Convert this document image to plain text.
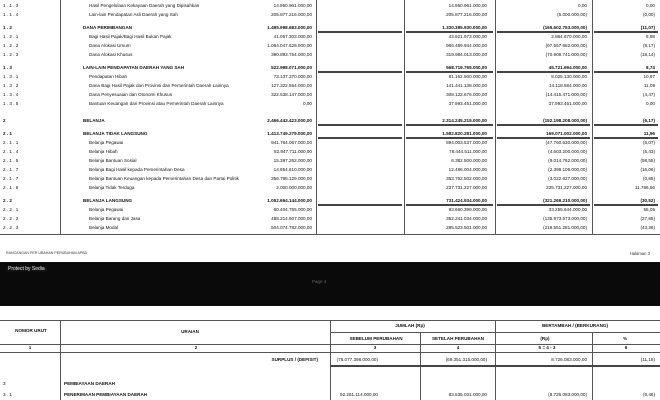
1 . 1 . 3	Hasil Pengelolaan Kekayaan Daerah yang Dipisahkan	14.950.961.000,00	14.950.961.000,00	0,00	0,00
1 . 1 . 4	Lain-lain Pendapatan Asli Daerah yang Sah	205.877.216.000,00	205.877.216.000,00	(5.000.000,00)	(0,00)
1 . 2	DANA PERIMBANGAN	1.495.998.683.000,00	1.330.395.930.000,00	(165.602.753.000,00)	(11,07)
1 . 2 . 1	Bagi Hasil Pajak/Bagi Hasil Bukan Pajak	41.057.303.000,00	43.921.973.000,00	2.864.670.000,00	6,98
1 . 2 . 2	Dana Alokasi Umum	1.064.047.626.000,00	966.489.944.000,00	(97.557.682.000,00)	(9,17)
1 . 2 . 3	Dana Alokasi Khusus	390.893.754.000,00	319.984.013.000,00	(70.909.741.000,00)	(18,14)
1 . 3	LAIN-LAIN PENDAPATAN DAERAH YANG SAH	522.998.071.000,00	568.719.765.000,00	45.721.694.000,00	8,74
1 . 3 . 1	Pendapatan Hibah	73.137.370.000,00	81.162.500.000,00	8.025.130.000,00	10,97
1 . 3 . 2	Dana Bagi Hasil Pajak dari Provinsi dan Pemerintah Daerah Lainnya	127.322.554.000,00	141.441.138.000,00	14.118.584.000,00	11,09
1 . 3 . 4	Dana Penyesuaian dan Otonomi Khusus	322.538.147.000,00	308.122.676.000,00	(14.415.471.000,00)	(4,47)
1 . 3 . 5	Bantuan Keuangan dari Provinsi atau Pemerintah Daerah Lainnya	0,00	37.993.451.000,00	37.993.451.000,00	0,00
2	BELANJA	2.466.443.423.000,00	2.314.245.215.000,00	(152.198.208.000,00)	(6,17)
2 . 1	BELANJA TIDAK LANGSUNG	1.413.749.279.000,00	1.582.820.281.000,00	169.071.002.000,00	11,96
2 . 1 . 1	Belanja Pegawai	941.764.067.000,00	894.003.537.000,00	(47.760.530.000,00)	(5,07)
2 . 1 . 4	Belanja Hibah	82.947.711.000,00	78.444.511.000,00	(4.503.200.000,00)	(5,43)
2 . 1 . 5	Belanja Bantuan Sosial	15.397.262.000,00	6.382.500.000,00	(9.014.762.000,00)	(58,55)
2 . 1 . 7	Belanja Bagi Hasil kepada Pemerintahan Desa	14.854.610.000,00	12.486.004.000,00	(2.398.106.000,00)	(16,06)
2 . 1 . 7	Belanja Bantuan Keuangan kepada Pemerintahan Desa dan Partai Politik	356.785.129.000,00	353.762.502.000,00	(3.022.627.000,00)	(0,85)
2 . 1 . 8	Belanja Tidak Terduga	2.000.000.000,00	237.731.227.000,00	235.731.227.000,00	11.786,56
2 . 2	BELANJA LANGSUNG	1.052.694.144.000,00	731.424.934.000,00	(321.269.210.000,00)	(30,52)
2 . 2 . 1	Belanja Pegawai	60.404.755.000,00	93.660.399.000,00	33.255.644.000,00	55,05
2 . 2 . 2	Belanja Barang dan Jasa	488.214.607.000,00	352.241.034.000,00	(135.973.573.000,00)	(27,85)
2 . 2 . 3	Belanja Modal	504.074.782.000,00	285.523.501.000,00	(218.551.281.000,00)	(43,36)
RANCANGAN PER UBAHAN PERUBAHAN APBD	Halaman 3
Protect by Sedia
Page 4
NOMOR URUT	URAIAN
JUMLAH (Rp)
SEBELUM PERUBAHAN	SETELAH PERUBAHAN
BERTAMBAH / (BERKURANG)
(Rp)	%
1	2	3	4	5 = 4 - 3	6
SURPLUS / (DEFISIT)	(78.077.398.000,00)	(69.351.315.000,00)	8.726.083.000,00	(11,18)
3	PEMBIAYAAN DAERAH
3 . 1	PENERIMAAN PEMBIAYAAN DAERAH	92.261.114.000,00	83.535.031.000,00	(8.726.083.000,00)	(9,46)
